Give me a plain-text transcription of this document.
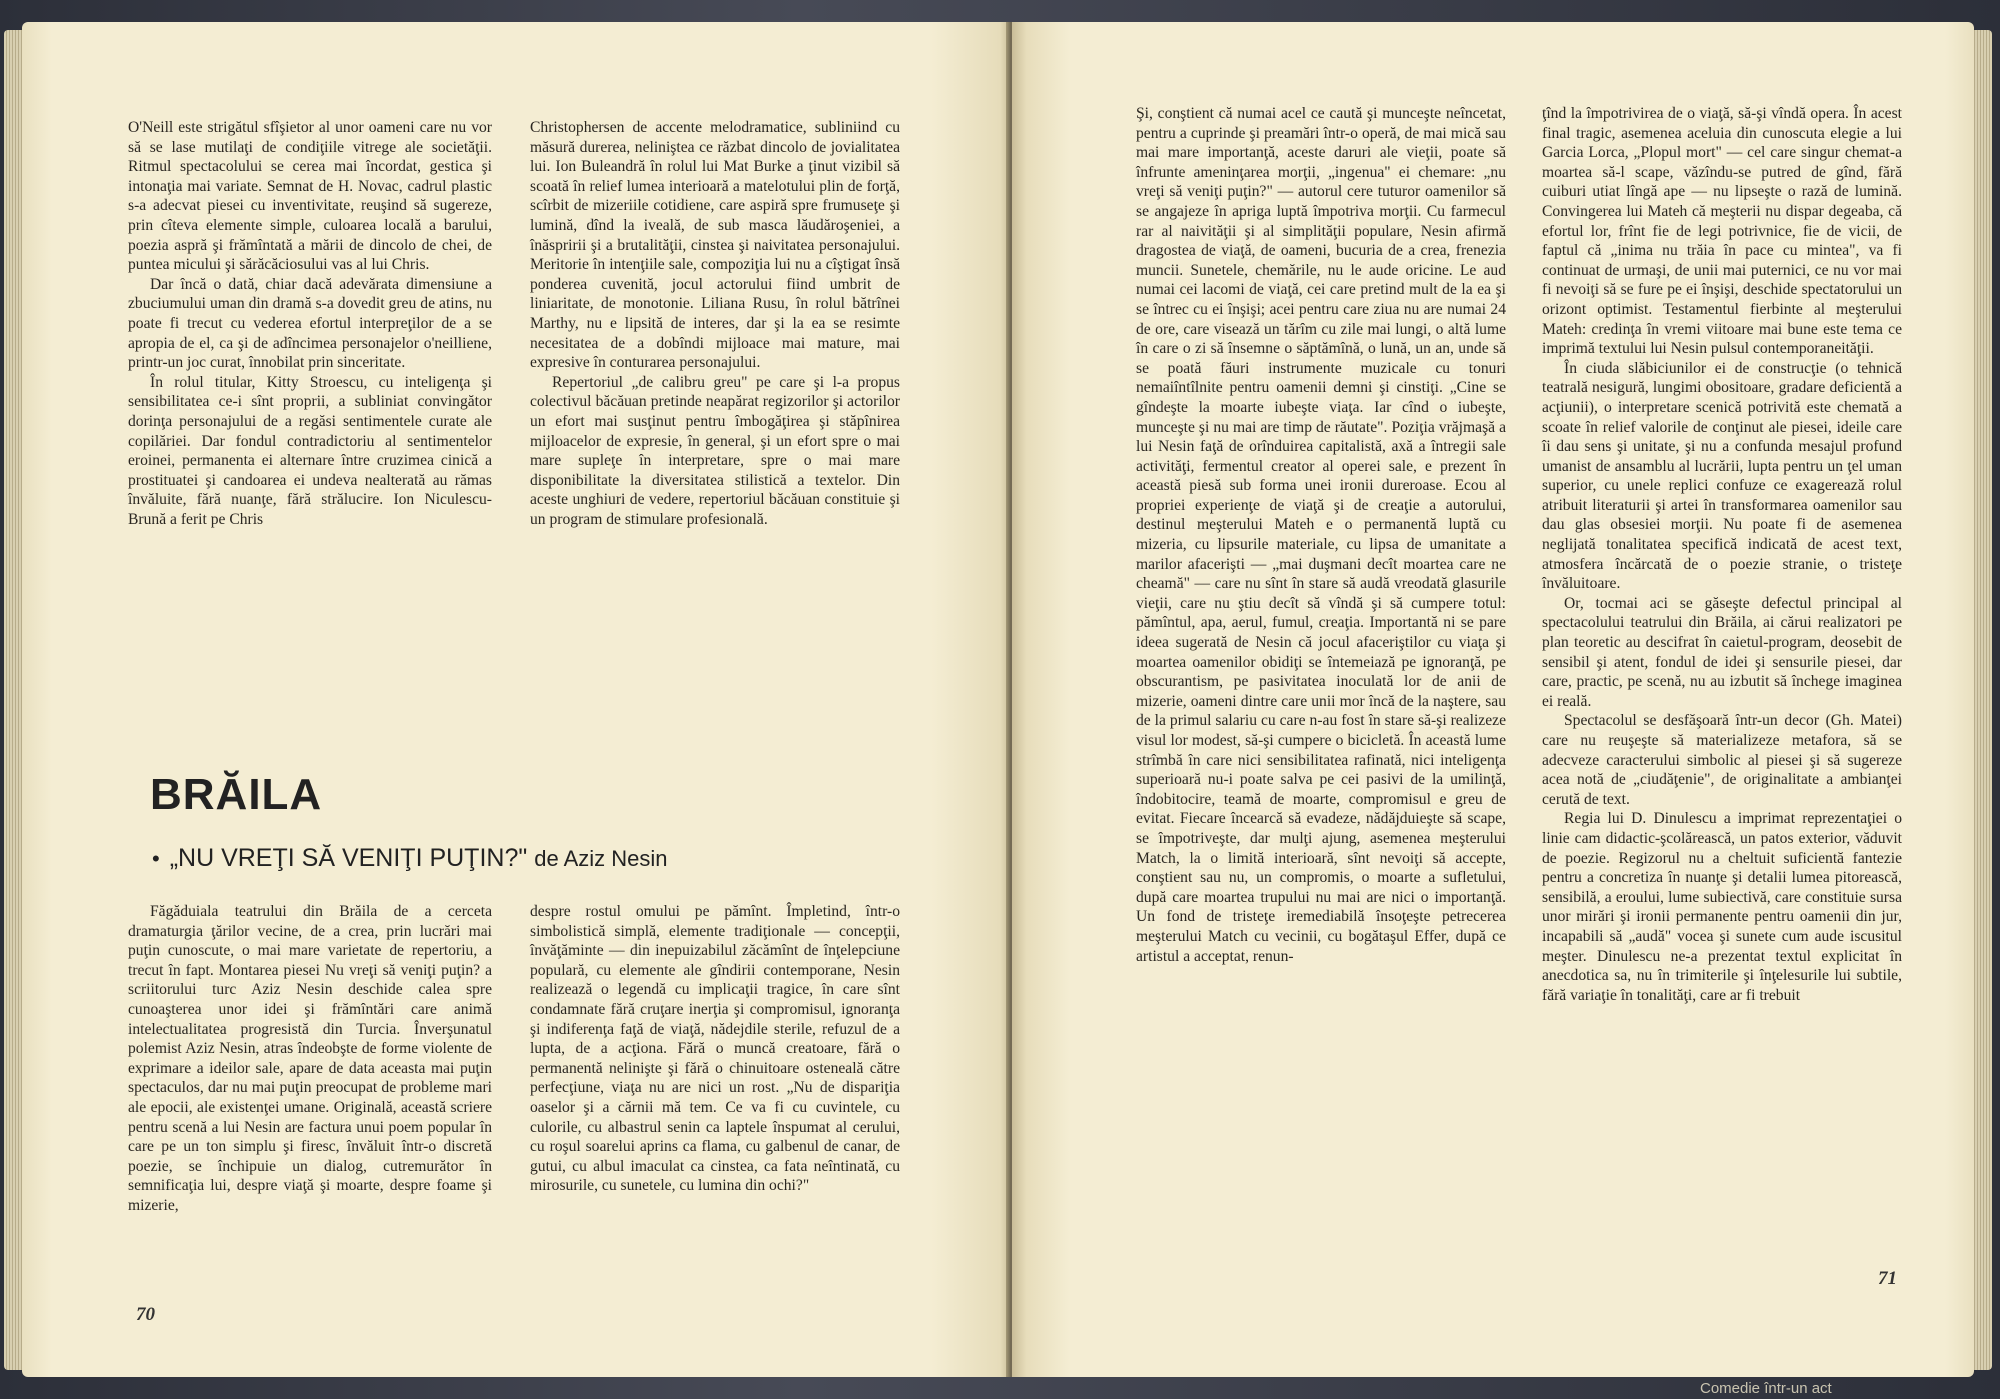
O'Neill este strigătul sfîşietor al unor oameni care nu vor să se lase mutilaţi de condiţiile vitrege ale societăţii. Ritmul spectacolului se cerea mai încordat, gestica şi intonaţia mai variate. Semnat de H. Novac, cadrul plastic s-a adecvat piesei cu inventivitate, reuşind să sugereze, prin cîteva elemente simple, culoarea locală a barului, poezia aspră şi frămîntată a mării de dincolo de chei, de puntea micului şi sărăcăciosului vas al lui Chris.

Dar încă o dată, chiar dacă adevărata dimensiune a zbuciumului uman din dramă s-a dovedit greu de atins, nu poate fi trecut cu vederea efortul interpreţilor de a se apropia de el, ca şi de adîncimea personajelor o'neilliene, printr-un joc curat, înnobilat prin sinceritate.

În rolul titular, Kitty Stroescu, cu inteligenţa şi sensibilitatea ce-i sînt proprii, a subliniat convingător dorinţa personajului de a regăsi sentimentele curate ale copilăriei. Dar fondul contradictoriu al sentimentelor eroinei, permanenta ei alternare între cruzimea cinică a prostituatei şi candoarea ei undeva nealterată au rămas învăluite, fără nuanţe, fără strălucire. Ion Niculescu-Brună a ferit pe Chris

Christophersen de accente melodramatice, subliniind cu măsură durerea, neliniştea ce răzbat dincolo de jovialitatea lui. Ion Buleandră în rolul lui Mat Burke a ţinut vizibil să scoată în relief lumea interioară a matelotului plin de forţă, scîrbit de mizeriile cotidiene, care aspiră spre frumuseţe şi lumină, dînd la iveală, de sub masca lăudăroşeniei, a înăspririi şi a brutalităţii, cinstea şi naivitatea personajului. Meritorie în intenţiile sale, compoziţia lui nu a cîştigat însă ponderea cuvenită, jocul actorului fiind umbrit de liniaritate, de monotonie. Liliana Rusu, în rolul bătrînei Marthy, nu e lipsită de interes, dar şi la ea se resimte necesitatea de a dobîndi mijloace mai mature, mai expresive în conturarea personajului.

Repertoriul „de calibru greu" pe care şi l-a propus colectivul băcăuan pretinde neapărat regizorilor şi actorilor un efort mai susţinut pentru îmbogăţirea şi stăpînirea mijloacelor de expresie, în general, şi un efort spre o mai mare supleţe în interpretare, spre o mai mare disponibilitate la diversitatea stilistică a textelor. Din aceste unghiuri de vedere, repertoriul băcăuan constituie şi un program de stimulare profesională.

BRĂILA
• „NU VREŢI SĂ VENIŢI PUŢIN?" de Aziz Nesin

Făgăduiala teatrului din Brăila de a cerceta dramaturgia ţărilor vecine, de a crea, prin lucrări mai puţin cunoscute, o mai mare varietate de repertoriu, a trecut în fapt. Montarea piesei Nu vreţi să veniţi puţin? a scriitorului turc Aziz Nesin deschide calea spre cunoaşterea unor idei şi frămîntări care animă intelectualitatea progresistă din Turcia. Înverşunatul polemist Aziz Nesin, atras îndeobşte de forme violente de exprimare a ideilor sale, apare de data aceasta mai puţin spectaculos, dar nu mai puţin preocupat de probleme mari ale epocii, ale existenţei umane. Originală, această scriere pentru scenă a lui Nesin are factura unui poem popular în care pe un ton simplu şi firesc, învăluit într-o discretă poezie, se închipuie un dialog, cutremurător în semnificaţia lui, despre viaţă şi moarte, despre foame şi mizerie,

despre rostul omului pe pămînt. Împletind, într-o simbolistică simplă, elemente tradiţionale — concepţii, învăţăminte — din inepuizabilul zăcămînt de înţelepciune populară, cu elemente ale gîndirii contemporane, Nesin realizează o legendă cu implicaţii tragice, în care sînt condamnate fără cruţare inerţia şi compromisul, ignoranţa şi indiferenţa faţă de viaţă, nădejdile sterile, refuzul de a lupta, de a acţiona. Fără o muncă creatoare, fără o permanentă nelinişte şi fără o chinuitoare osteneală către perfecţiune, viaţa nu are nici un rost. „Nu de dispariţia oaselor şi a cărnii mă tem. Ce va fi cu cuvintele, cu culorile, cu albastrul senin ca laptele înspumat al cerului, cu roşul soarelui aprins ca flama, cu galbenul de canar, de gutui, cu albul imaculat ca cinstea, ca fata neîntinată, cu mirosurile, cu sunetele, cu lumina din ochi?"

70

Şi, conştient că numai acel ce caută şi munceşte neîncetat, pentru a cuprinde şi preamări într-o operă, de mai mică sau mai mare importanţă, aceste daruri ale vieţii, poate să înfrunte ameninţarea morţii, „ingenua" ei chemare: „nu vreţi să veniţi puţin?" — autorul cere tuturor oamenilor să se angajeze în apriga luptă împotriva morţii. Cu farmecul rar al naivităţii şi al simplităţii populare, Nesin afirmă dragostea de viaţă, de oameni, bucuria de a crea, frenezia muncii. Sunetele, chemările, nu le aude oricine. Le aud numai cei lacomi de viaţă, cei care pretind mult de la ea şi se întrec cu ei înşişi; acei pentru care ziua nu are numai 24 de ore, care visează un tărîm cu zile mai lungi, o altă lume în care o zi să însemne o săptămînă, o lună, un an, unde să se poată făuri instrumente muzicale cu tonuri nemaiîntîlnite pentru oamenii demni şi cinstiţi. „Cine se gîndeşte la moarte iubeşte viaţa. Iar cînd o iubeşte, munceşte şi nu mai are timp de răutate". Poziţia vrăjmaşă a lui Nesin faţă de orînduirea capitalistă, axă a întregii sale activităţi, fermentul creator al operei sale, e prezent în această piesă sub forma unei ironii dureroase. Ecou al propriei experienţe de viaţă şi de creaţie a autorului, destinul meşterului Mateh e o permanentă luptă cu mizeria, cu lipsurile materiale, cu lipsa de umanitate a marilor afacerişti — „mai duşmani decît moartea care ne cheamă" — care nu sînt în stare să audă vreodată glasurile vieţii, care nu ştiu decît să vîndă şi să cumpere totul: pămîntul, apa, aerul, fumul, creaţia. Importantă ni se pare ideea sugerată de Nesin că jocul afaceriştilor cu viaţa şi moartea oamenilor obidiţi se întemeiază pe ignoranţă, pe obscurantism, pe pasivitatea inoculată lor de anii de mizerie, oameni dintre care unii mor încă de la naştere, sau de la primul salariu cu care n-au fost în stare să-şi realizeze visul lor modest, să-şi cumpere o bicicletă. În această lume strîmbă în care nici sensibilitatea rafinată, nici inteligenţa superioară nu-i poate salva pe cei pasivi de la umilinţă, îndobitocire, teamă de moarte, compromisul e greu de evitat. Fiecare încearcă să evadeze, nădăjduieşte să scape, se împotriveşte, dar mulţi ajung, asemenea meşterului Match, la o limită interioară, sînt nevoiţi să accepte, conştient sau nu, un compromis, o moarte a sufletului, după care moartea trupului nu mai are nici o importanţă. Un fond de tristeţe iremediabilă însoţeşte petrecerea meşterului Match cu vecinii, cu bogătaşul Effer, după ce artistul a acceptat, renun-

ţînd la împotrivirea de o viaţă, să-şi vîndă opera. În acest final tragic, asemenea aceluia din cunoscuta elegie a lui Garcia Lorca, „Plopul mort" — cel care singur chemat-a moartea să-l scape, văzîndu-se putred de gînd, fără cuiburi utiat lîngă ape — nu lipseşte o rază de lumină. Convingerea lui Mateh că meşterii nu dispar degeaba, că efortul lor, frînt fie de legi potrivnice, fie de vicii, de faptul că „inima nu trăia în pace cu mintea", va fi continuat de urmaşi, de unii mai puternici, ce nu vor mai fi nevoiţi să se fure pe ei înşişi, deschide spectatorului un orizont optimist. Testamentul fierbinte al meşterului Mateh: credinţa în vremi viitoare mai bune este tema ce imprimă textului lui Nesin pulsul contemporaneităţii.

În ciuda slăbiciunilor ei de construcţie (o tehnică teatrală nesigură, lungimi obositoare, gradare deficientă a acţiunii), o interpretare scenică potrivită este chemată a scoate în relief valorile de conţinut ale piesei, ideile care îi dau sens şi unitate, şi nu a confunda mesajul profund umanist de ansamblu al lucrării, lupta pentru un ţel uman superior, cu unele replici confuze ce exagerează rolul atribuit literaturii şi artei în transformarea oamenilor sau dau glas obsesiei morţii. Nu poate fi de asemenea neglijată tonalitatea specifică indicată de acest text, atmosfera încărcată de o poezie stranie, o tristeţe învăluitoare.

Or, tocmai aci se găseşte defectul principal al spectacolului teatrului din Brăila, ai cărui realizatori pe plan teoretic au descifrat în caietul-program, deosebit de sensibil şi atent, fondul de idei şi sensurile piesei, dar care, practic, pe scenă, nu au izbutit să închege imaginea ei reală.

Spectacolul se desfăşoară într-un decor (Gh. Matei) care nu reuşeşte să materializeze metafora, să se adecveze caracterului simbolic al piesei şi să sugereze acea notă de „ciudăţenie", de originalitate a ambianţei cerută de text.

Regia lui D. Dinulescu a imprimat reprezentaţiei o linie cam didactic-şcolărească, un patos exterior, văduvit de poezie. Regizorul nu a cheltuit suficientă fantezie pentru a concretiza în nuanţe şi detalii lumea pitorească, sensibilă, a eroului, lume subiectivă, care constituie sursa unor mirări şi ironii permanente pentru oamenii din jur, incapabili să „audă" vocea şi sunete cum aude iscusitul meşter. Dinulescu ne-a prezentat textul explicitat în anecdotica sa, nu în trimiterile şi înţelesurile lui subtile, fără variaţie în tonalităţi, care ar fi trebuit

71
Comedie într-un act
